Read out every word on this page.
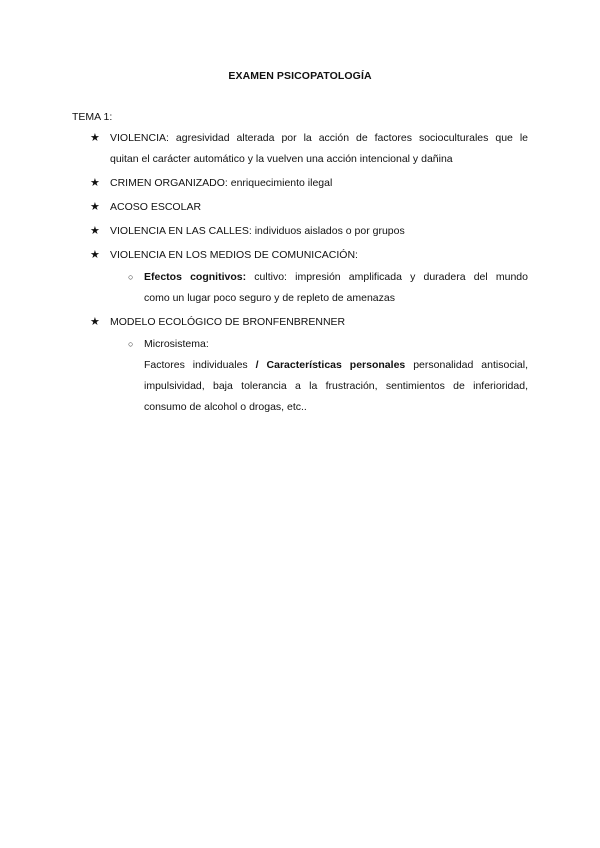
EXAMEN PSICOPATOLOGÍA
TEMA 1:
★ VIOLENCIA: agresividad alterada por la acción de factores socioculturales que le
quitan el carácter automático y la vuelven una acción intencional y dañina
★ CRIMEN ORGANIZADO: enriquecimiento ilegal
★ ACOSO ESCOLAR
★ VIOLENCIA EN LAS CALLES: individuos aislados o por grupos
★ VIOLENCIA EN LOS MEDIOS DE COMUNICACIÓN:
○ Efectos cognitivos: cultivo: impresión amplificada y duradera del mundo
como un lugar poco seguro y de repleto de amenazas
★ MODELO ECOLÓGICO DE BRONFENBRENNER
○ Microsistema:
Factores individuales / Características personales personalidad antisocial,
impulsividad, baja tolerancia a la frustración, sentimientos de inferioridad,
consumo de alcohol o drogas, etc..
